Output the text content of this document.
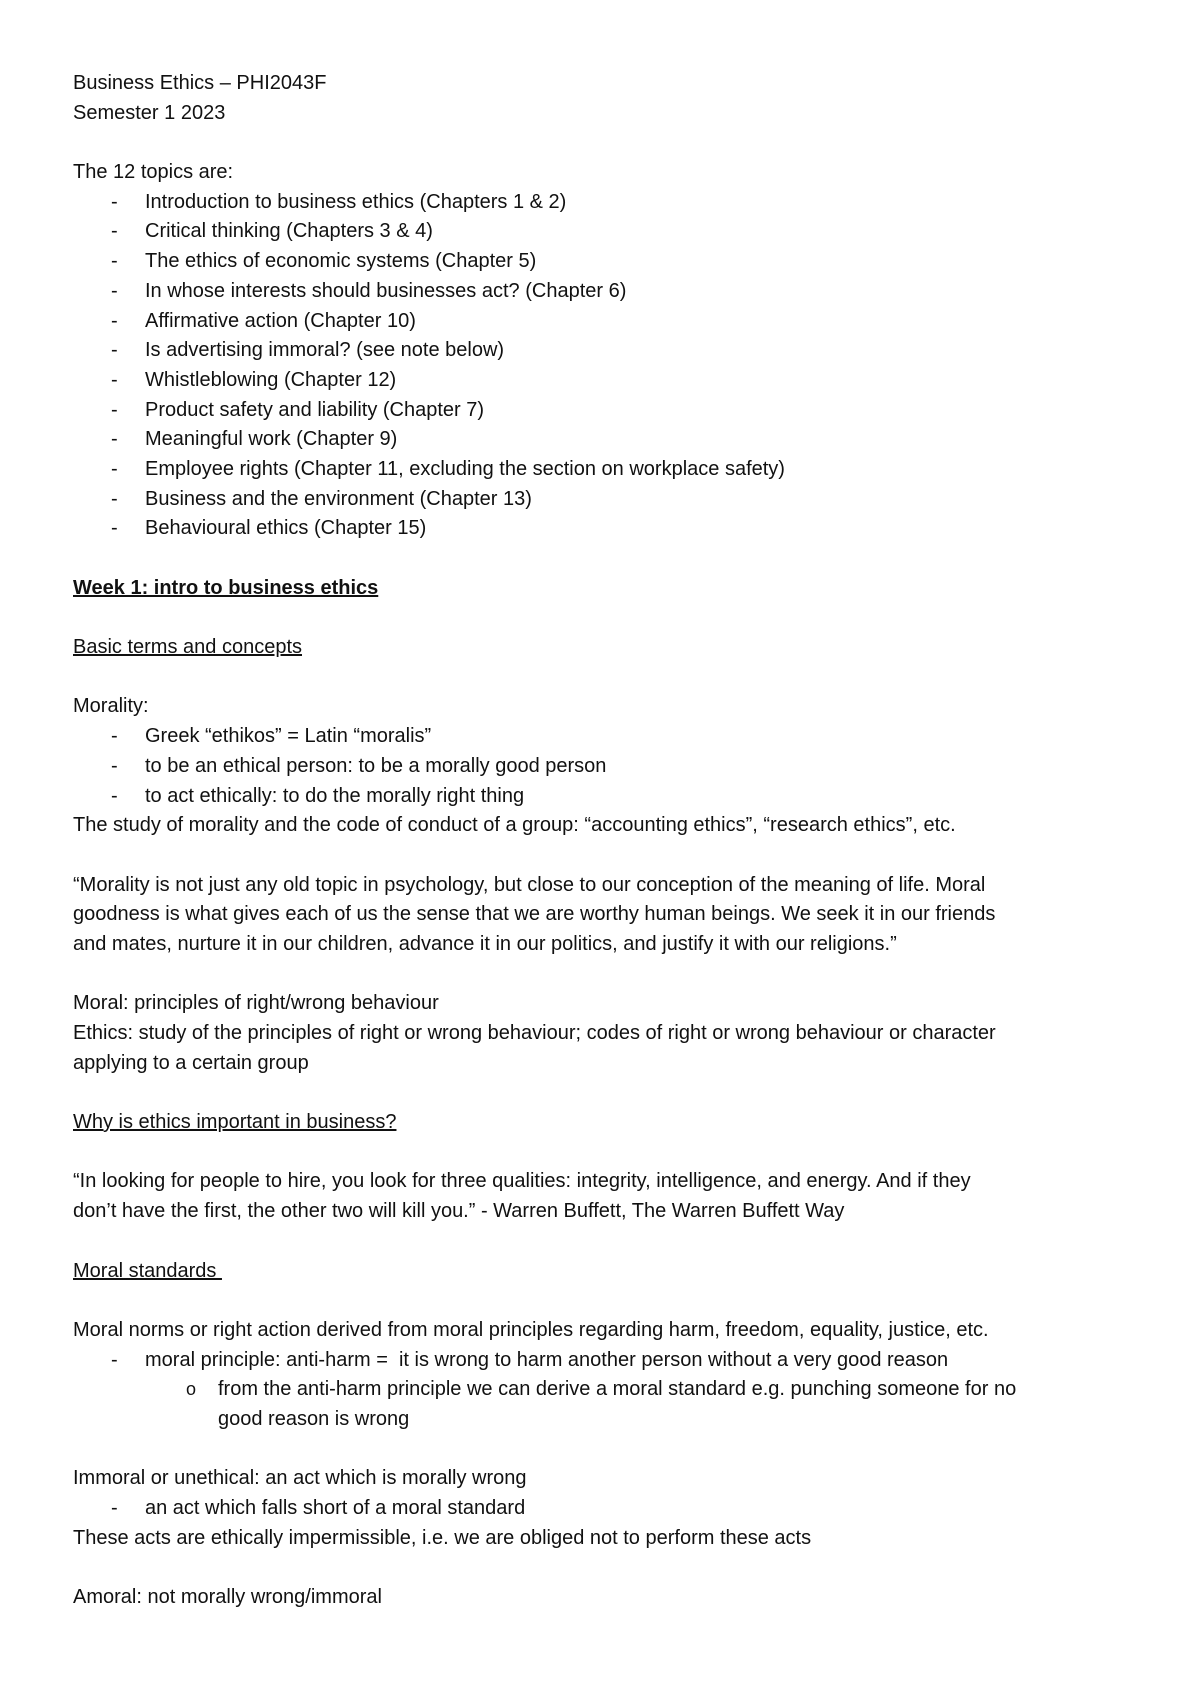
Business Ethics – PHI2043F
Semester 1 2023
The 12 topics are:
- Introduction to business ethics (Chapters 1 & 2)
- Critical thinking (Chapters 3 & 4)
- The ethics of economic systems (Chapter 5)
- In whose interests should businesses act? (Chapter 6)
- Affirmative action (Chapter 10)
- Is advertising immoral? (see note below)
- Whistleblowing (Chapter 12)
- Product safety and liability (Chapter 7)
- Meaningful work (Chapter 9)
- Employee rights (Chapter 11, excluding the section on workplace safety)
- Business and the environment (Chapter 13)
- Behavioural ethics (Chapter 15)
Week 1: intro to business ethics
Basic terms and concepts
Morality:
- Greek “ethikos” = Latin “moralis”
- to be an ethical person: to be a morally good person
- to act ethically: to do the morally right thing
The study of morality and the code of conduct of a group: “accounting ethics”, “research ethics”, etc.
“Morality is not just any old topic in psychology, but close to our conception of the meaning of life. Moral
goodness is what gives each of us the sense that we are worthy human beings. We seek it in our friends
and mates, nurture it in our children, advance it in our politics, and justify it with our religions.”
Moral: principles of right/wrong behaviour
Ethics: study of the principles of right or wrong behaviour; codes of right or wrong behaviour or character
applying to a certain group
Why is ethics important in business?
“In looking for people to hire, you look for three qualities: integrity, intelligence, and energy. And if they
don’t have the first, the other two will kill you.” - Warren Buffett, The Warren Buffett Way
Moral standards
Moral norms or right action derived from moral principles regarding harm, freedom, equality, justice, etc.
- moral principle: anti-harm =  it is wrong to harm another person without a very good reason
o from the anti-harm principle we can derive a moral standard e.g. punching someone for no
good reason is wrong
Immoral or unethical: an act which is morally wrong
- an act which falls short of a moral standard
These acts are ethically impermissible, i.e. we are obliged not to perform these acts
Amoral: not morally wrong/immoral
